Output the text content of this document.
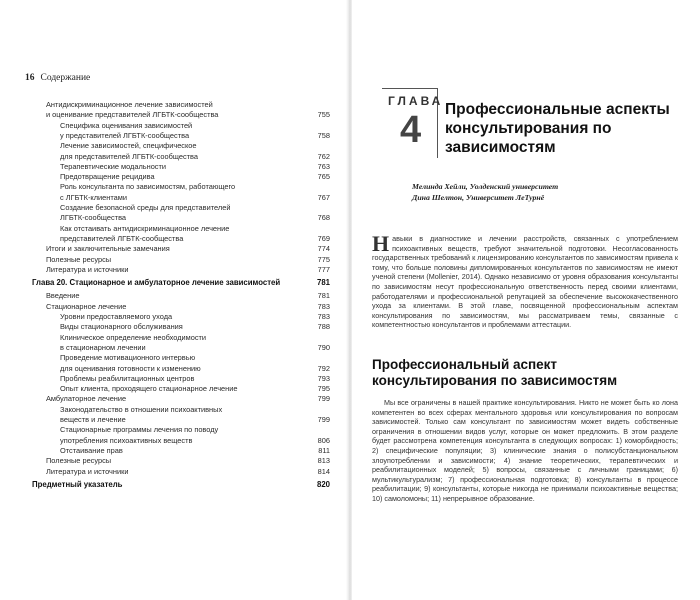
16 Содержание
Антидискриминационное лечение зависимостей
и оценивание представителей ЛГБТК-сообщества	755
Специфика оценивания зависимостей
у представителей ЛГБТК-сообщества	758
Лечение зависимостей, специфическое
для представителей ЛГБТК-сообщества	762
Терапевтические модальности	763
Предотвращение рецидива	765
Роль консультанта по зависимостям, работающего
с ЛГБТК-клиентами	767
Создание безопасной среды для представителей
ЛГБТК-сообщества	768
Как отстаивать антидискриминационное лечение
представителей ЛГБТК-сообщества	769
Итоги и заключительные замечания	774
Полезные ресурсы	775
Литература и источники	777
Глава 20. Стационарное и амбулаторное лечение зависимостей	781
Введение	781
Стационарное лечение	783
Уровни предоставляемого ухода	783
Виды стационарного обслуживания	788
Клиническое определение необходимости
в стационарном лечении	790
Проведение мотивационного интервью
для оценивания готовности к изменению	792
Проблемы реабилитационных центров	793
Опыт клиента, проходящего стационарное лечение	795
Амбулаторное лечение	799
Законодательство в отношении психоактивных
веществ и лечение	799
Стационарные программы лечения по поводу
употребления психоактивных веществ	806
Отстаивание прав	811
Полезные ресурсы	813
Литература и источники	814
Предметный указатель	820
ГЛАВА
4 Профессиональные аспекты консультирования по зависимостям
Мелинда Хейли, Уолденский университет
Дина Шелтон, Университет ЛеТурнё
Навыки в диагностике и лечении расстройств, связанных с употреблением психоактивных веществ, требуют значительной подготовки. Несогласованность государственных требований к лицензированию консультантов по зависимостям привела к тому, что больше половины дипломированных консультантов по зависимостям не имеют ученой степени (Mollenier, 2014). Однако независимо от уровня образования консультанты по зависимостям несут профессиональную ответственность перед своими клиентами, работодателями и профессиональной репутацией за обеспечение высококачественного ухода за клиентами. В этой главе, посвященной профессиональным аспектам консультирования по зависимостям, мы рассматриваем темы, связанные с компетентностью консультантов и проблемами аттестации.
Профессиональный аспект консультирования по зависимостям
Мы все ограничены в нашей практике консультирования. Никто не может быть ко лона компетентен во всех сферах ментального здоровья или консультирования по вопросам зависимостей. Только сам консультант по зависимостям может видеть собственные ограничения в отношении видов услуг, которые он может предложить. В этом разделе будет рассмотрена компетенция консультанта в следующих вопросах: 1) коморбидность; 2) специфические популяции; 3) клинические знания о полисубстанциональном злоупотреблении и зависимости; 4) знание теоретических, терапевтических и реабилитационных моделей; 5) вопросы, связанные с личными границами; 6) мультикультурализм; 7) профессиональная подготовка; 8) консультанты в процессе реабилитации; 9) консультанты, которые никогда не принимали психоактивные вещества; 10) самоломоны; 11) непрерывное образование.
